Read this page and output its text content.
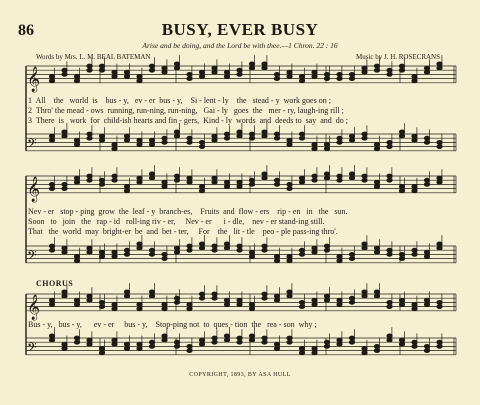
86	BUSY, EVER BUSY
Arise and be doing, and the Lord be with thee.—1 Chron. 22 : 16
Words by Mrs. L. M. BEAL BATEMAN	Music by J. H. ROSECRANS
𝄞
𝄢
𝄞
𝄢
𝄞
𝄢
1  All    the   world  is    bus - y,   ev - er  bus - y,    Si - lent - ly    the   stead - y  work goes on ;
2  Thro' the mead - ows  running, run-ning, run-ning,   Gai - ly   goes  the   mer - ry, laugh-ing rill ;
3  There  is   work  for  child-ish hearts and fin - gers,  Kind - ly  words  and  deeds to  say  and  do ;
Nev - er   stop - ping  grow  the  leaf - y  branch-es,    Fruits  and  flow - ers    rip - en   in   the   sun.
Soon   to   join   the   rap - id   roll-ing riv - er,     Nev - er      i - dle,    nev - er stand-ing still.
That   the  world  may  bright-er  be  and  bet - ter,     For    the   lit - tle    peo - ple pass-ing thro'.
CHORUS
Bus - y,   bus - y,      ev - er     bus - y,    Stop-ping not  to  ques - tion  the   rea - son  why ;
COPYRIGHT, 1893, BY ASA HULL
